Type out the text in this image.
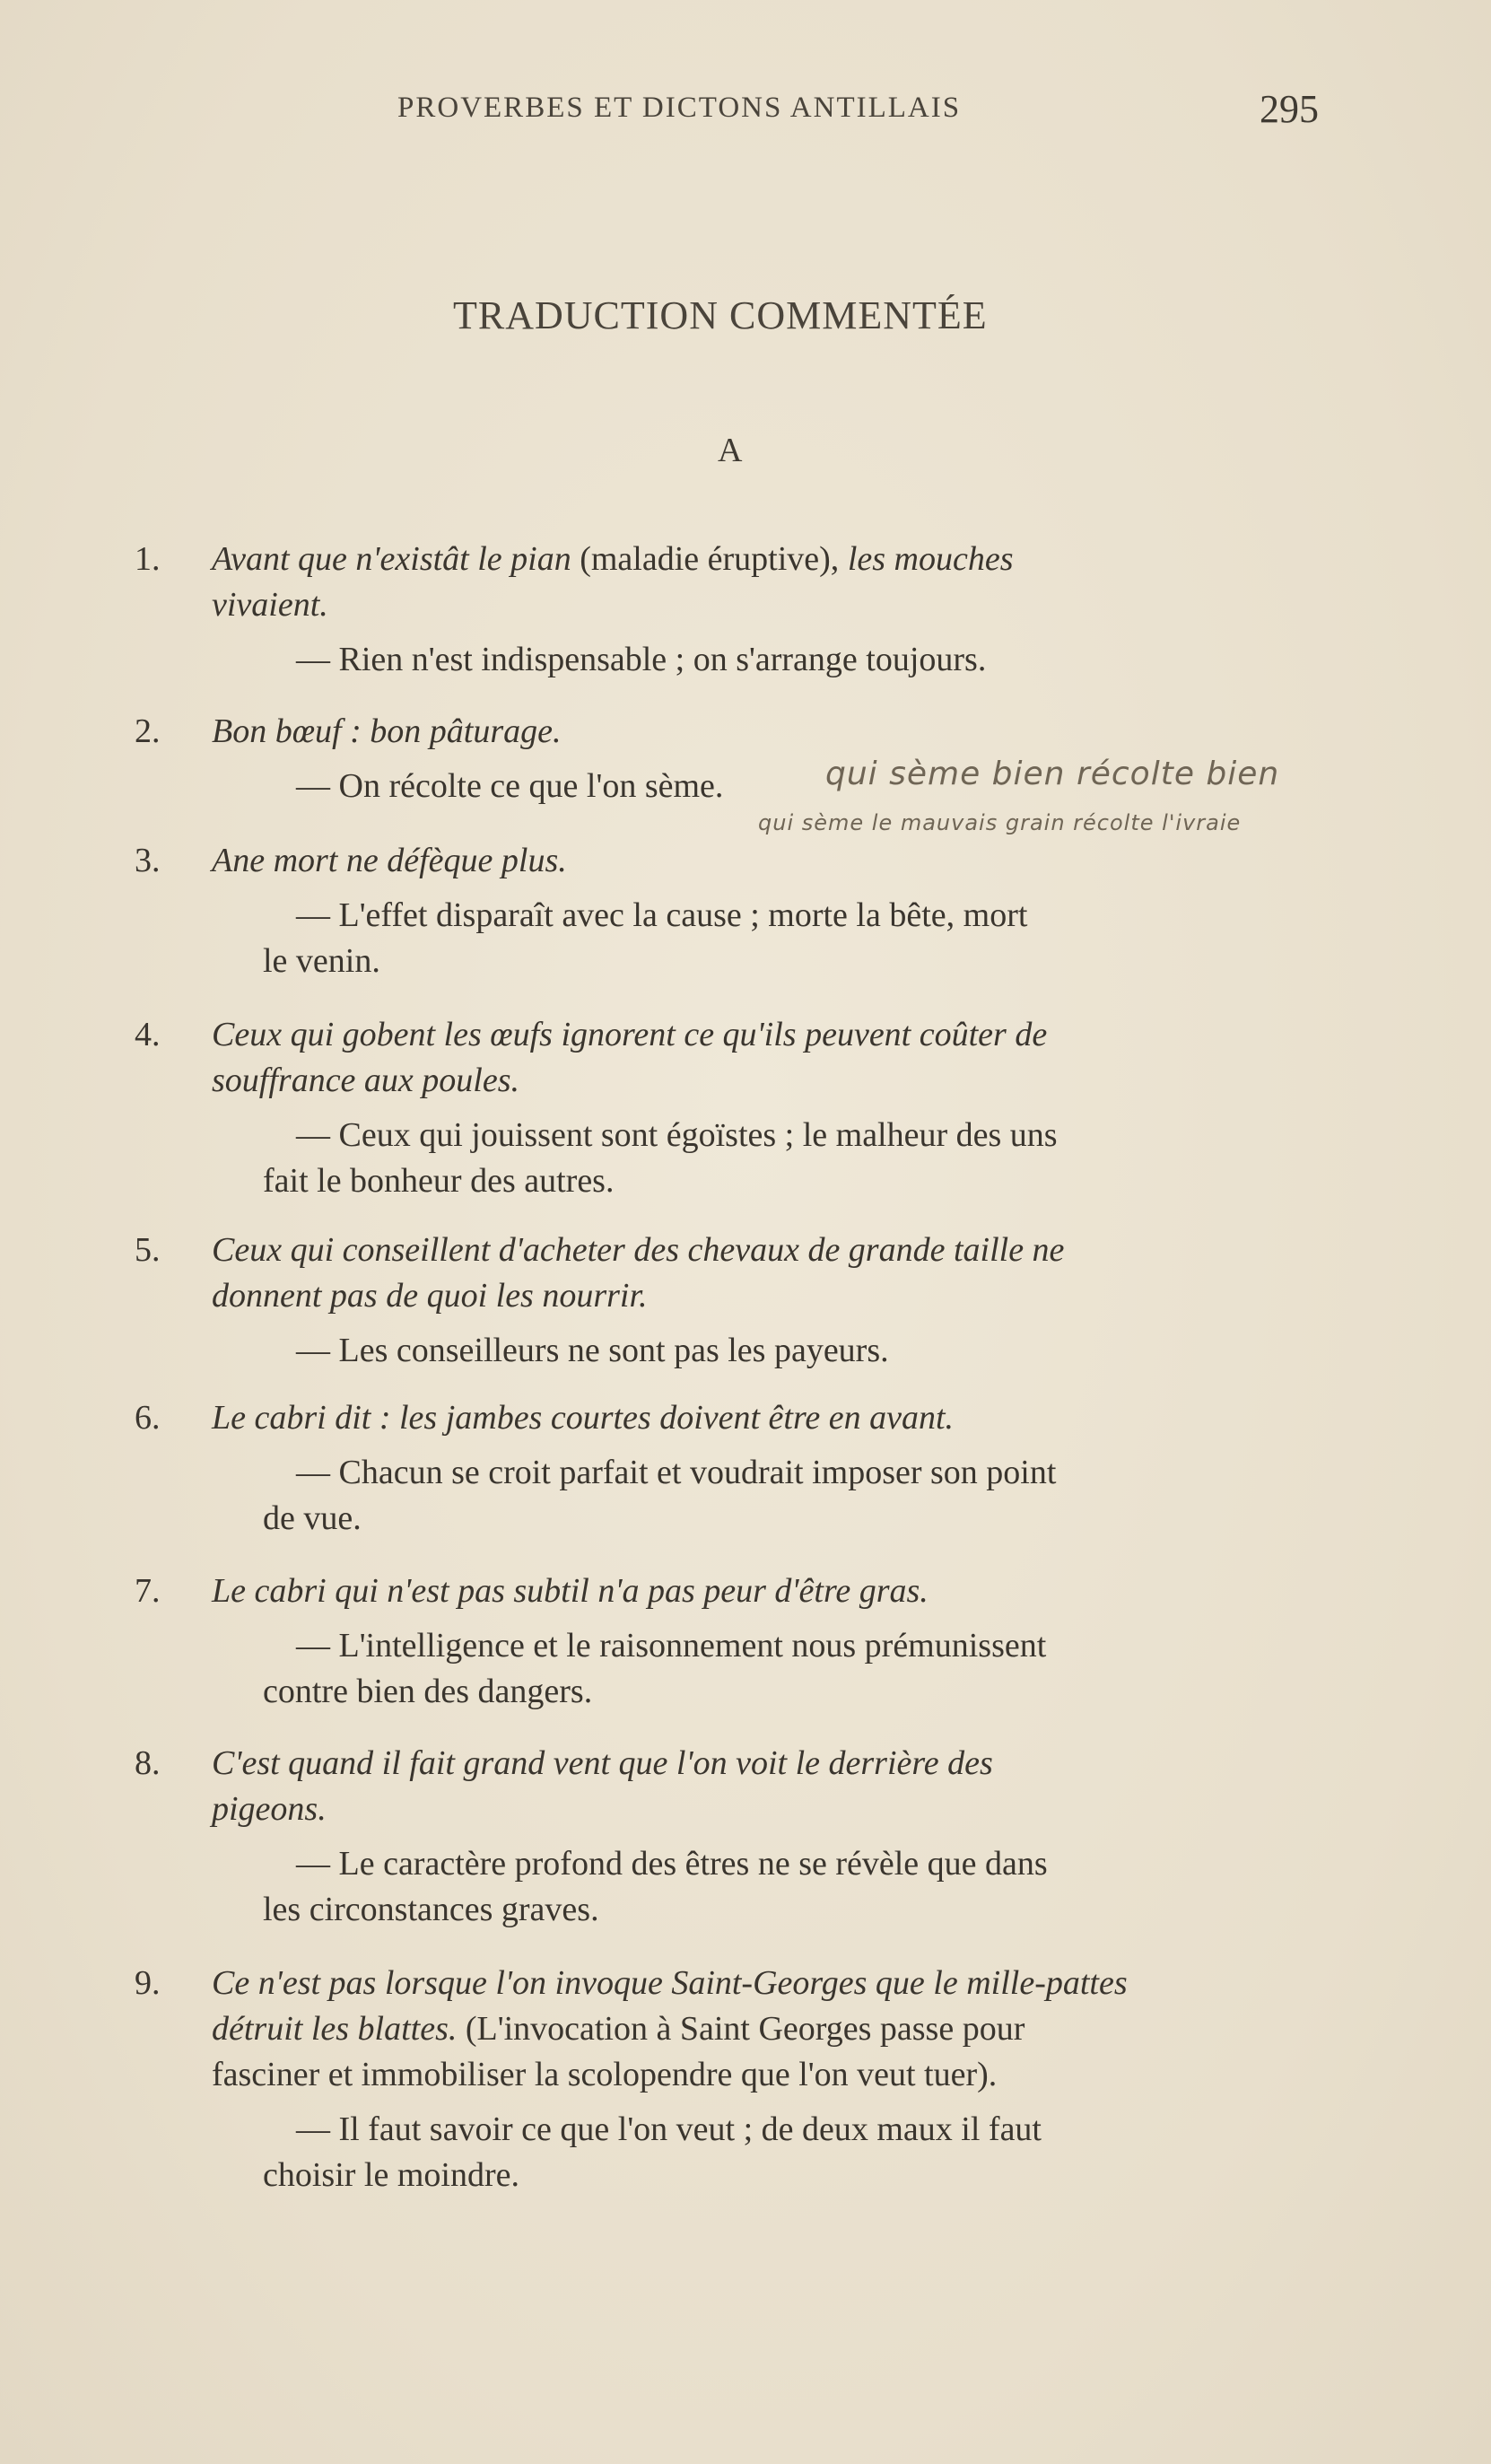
PROVERBES ET DICTONS ANTILLAIS	295
TRADUCTION COMMENTÉE
A
1. Avant que n'existât le pian (maladie éruptive), les mouches
vivaient.
— Rien n'est indispensable ; on s'arrange toujours.
2. Bon bœuf : bon pâturage.
— On récolte ce que l'on sème.	qui sème bien récolte bien
qui sème le mauvais grain récolte l'ivraie
3. Ane mort ne défèque plus.
— L'effet disparaît avec la cause ; morte la bête, mort
le venin.
4. Ceux qui gobent les œufs ignorent ce qu'ils peuvent coûter de
souffrance aux poules.
— Ceux qui jouissent sont égoïstes ; le malheur des uns
fait le bonheur des autres.
5. Ceux qui conseillent d'acheter des chevaux de grande taille ne
donnent pas de quoi les nourrir.
— Les conseilleurs ne sont pas les payeurs.
6. Le cabri dit : les jambes courtes doivent être en avant.
— Chacun se croit parfait et voudrait imposer son point
de vue.
7. Le cabri qui n'est pas subtil n'a pas peur d'être gras.
— L'intelligence et le raisonnement nous prémunissent
contre bien des dangers.
8. C'est quand il fait grand vent que l'on voit le derrière des
pigeons.
— Le caractère profond des êtres ne se révèle que dans
les circonstances graves.
9. Ce n'est pas lorsque l'on invoque Saint-Georges que le mille-pattes
détruit les blattes. (L'invocation à Saint Georges passe pour
fasciner et immobiliser la scolopendre que l'on veut tuer).
— Il faut savoir ce que l'on veut ; de deux maux il faut
choisir le moindre.
